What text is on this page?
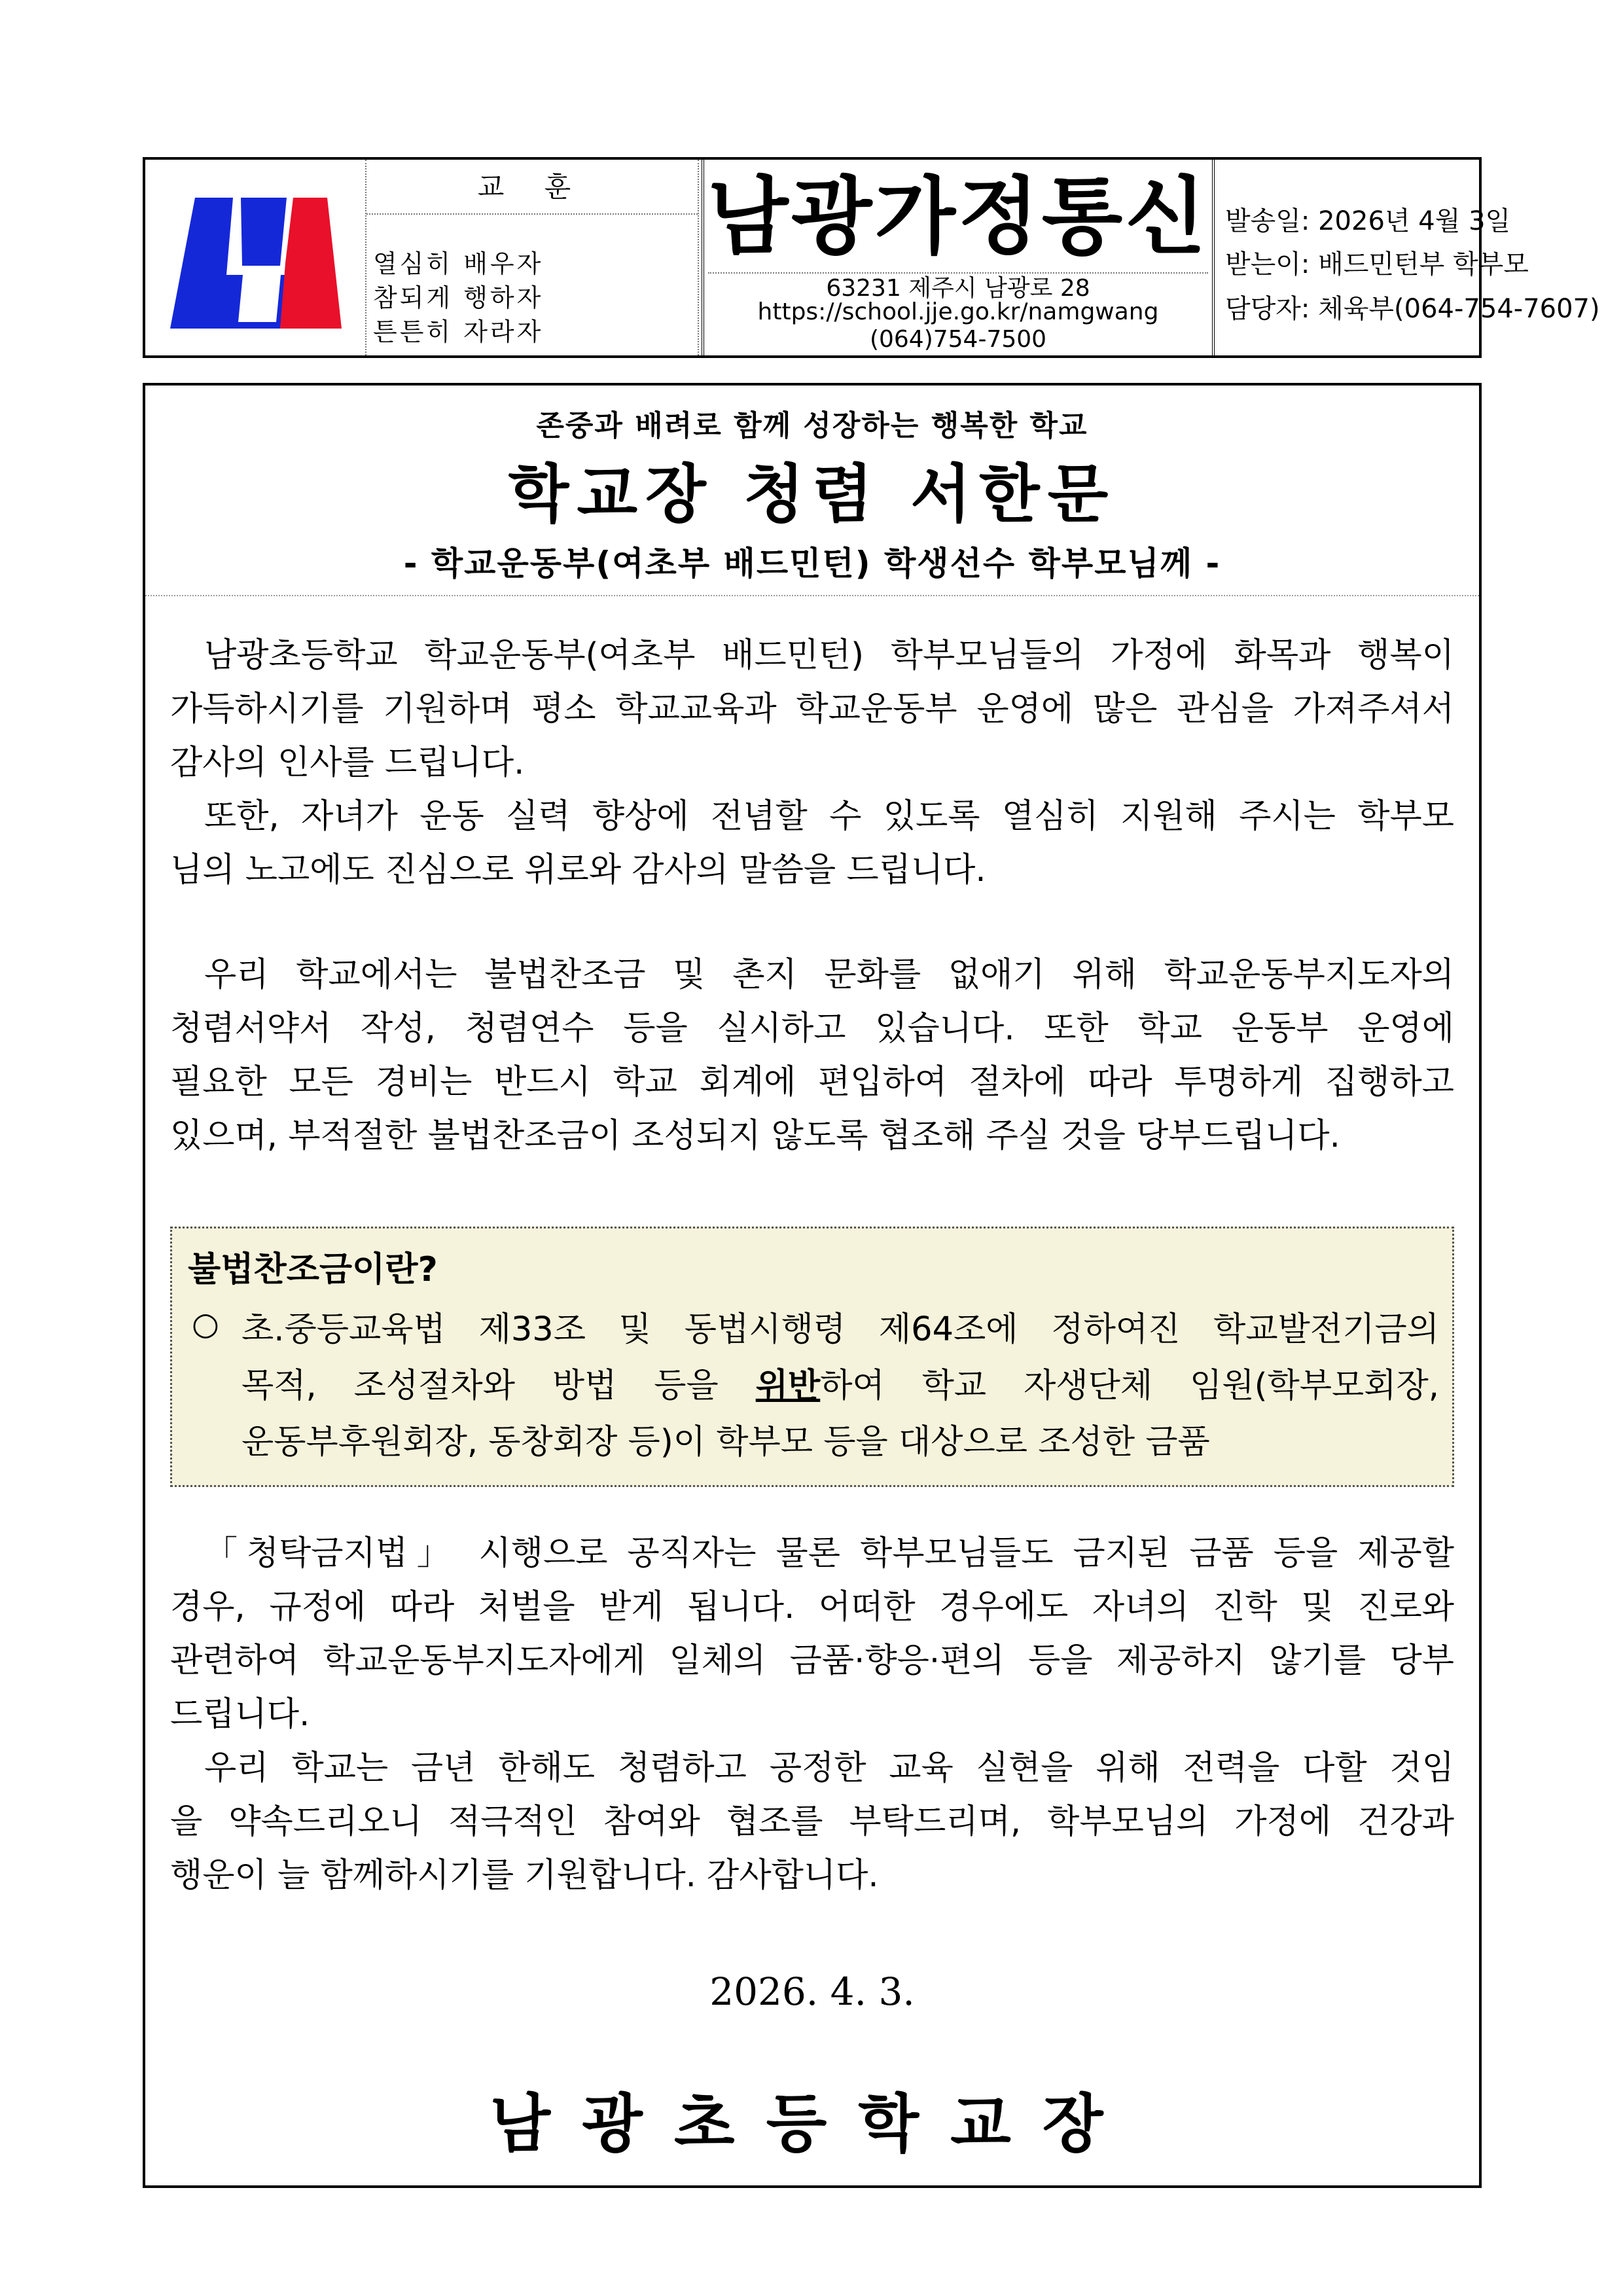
교 훈
열심히 배우자
참되게 행하자
튼튼히 자라자
남광가정통신
63231 제주시 남광로 28
https://school.jje.go.kr/namgwang
(064)754-7500
발송일: 2026년 4월 3일
받는이: 배드민턴부 학부모
담당자: 체육부(064-754-7607)
존중과 배려로 함께 성장하는 행복한 학교
학교장 청렴 서한문
- 학교운동부(여초부 배드민턴) 학생선수 학부모님께 -
남광초등학교 학교운동부(여초부 배드민턴) 학부모님들의 가정에 화목과 행복이
가득하시기를 기원하며 평소 학교교육과 학교운동부 운영에 많은 관심을 가져주셔서
감사의 인사를 드립니다.
또한, 자녀가 운동 실력 향상에 전념할 수 있도록 열심히 지원해 주시는 학부모
님의 노고에도 진심으로 위로와 감사의 말씀을 드립니다.
우리 학교에서는 불법찬조금 및 촌지 문화를 없애기 위해 학교운동부지도자의
청렴서약서 작성, 청렴연수 등을 실시하고 있습니다. 또한 학교 운동부 운영에
필요한 모든 경비는 반드시 학교 회계에 편입하여 절차에 따라 투명하게 집행하고
있으며, 부적절한 불법찬조금이 조성되지 않도록 협조해 주실 것을 당부드립니다.
불법찬조금이란?
○ 초.중등교육법 제33조 및 동법시행령 제64조에 정하여진 학교발전기금의
목적, 조성절차와 방법 등을 위반하여 학교 자생단체 임원(학부모회장,
운동부후원회장, 동창회장 등)이 학부모 등을 대상으로 조성한 금품
「청탁금지법」 시행으로 공직자는 물론 학부모님들도 금지된 금품 등을 제공할
경우, 규정에 따라 처벌을 받게 됩니다. 어떠한 경우에도 자녀의 진학 및 진로와
관련하여 학교운동부지도자에게 일체의 금품·향응·편의 등을 제공하지 않기를 당부
드립니다.
우리 학교는 금년 한해도 청렴하고 공정한 교육 실현을 위해 전력을 다할 것임
을 약속드리오니 적극적인 참여와 협조를 부탁드리며, 학부모님의 가정에 건강과
행운이 늘 함께하시기를 기원합니다. 감사합니다.
2026. 4. 3.
남광초등학교장
